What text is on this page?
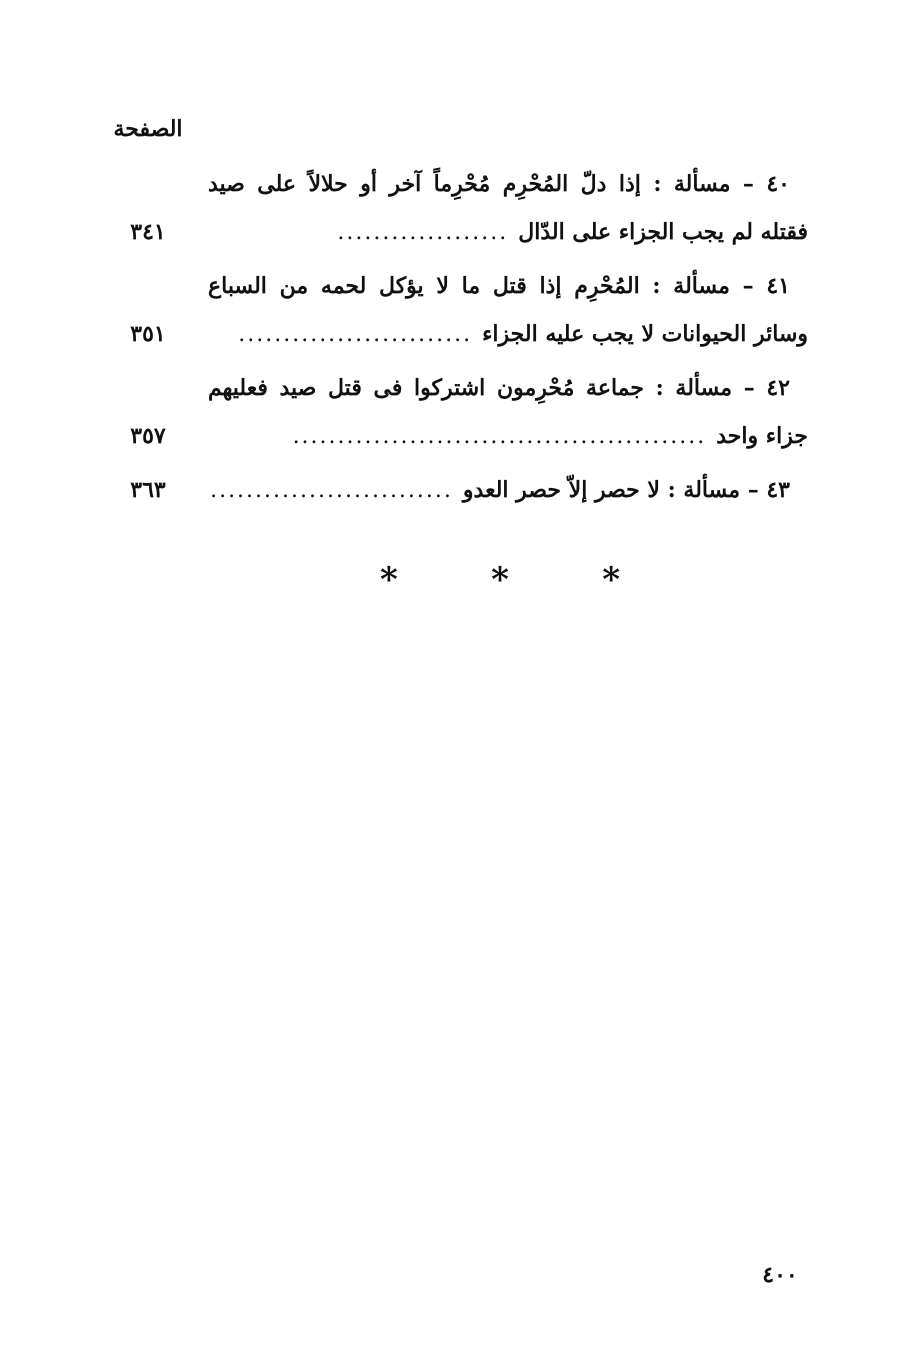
الصفحة
٤٠ – مسألة : إذا دلّ المُحْرِم مُحْرِماً آخر أو حلالاً على صيد
فقتله لم يجب الجزاء على الدّال
...................
٣٤١
٤١ – مسألة : المُحْرِم إذا قتل ما لا يؤكل لحمه من السباع
وسائر الحيوانات لا يجب عليه الجزاء
..........................
٣٥١
٤٢ – مسألة : جماعة مُحْرِمون اشتركوا فى قتل صيد فعليهم
جزاء واحد
..............................................
٣٥٧
٤٣ – مسألة : لا حصر إلاّ حصر العدو
...........................
٣٦٣
*	*	*
٤٠٠
